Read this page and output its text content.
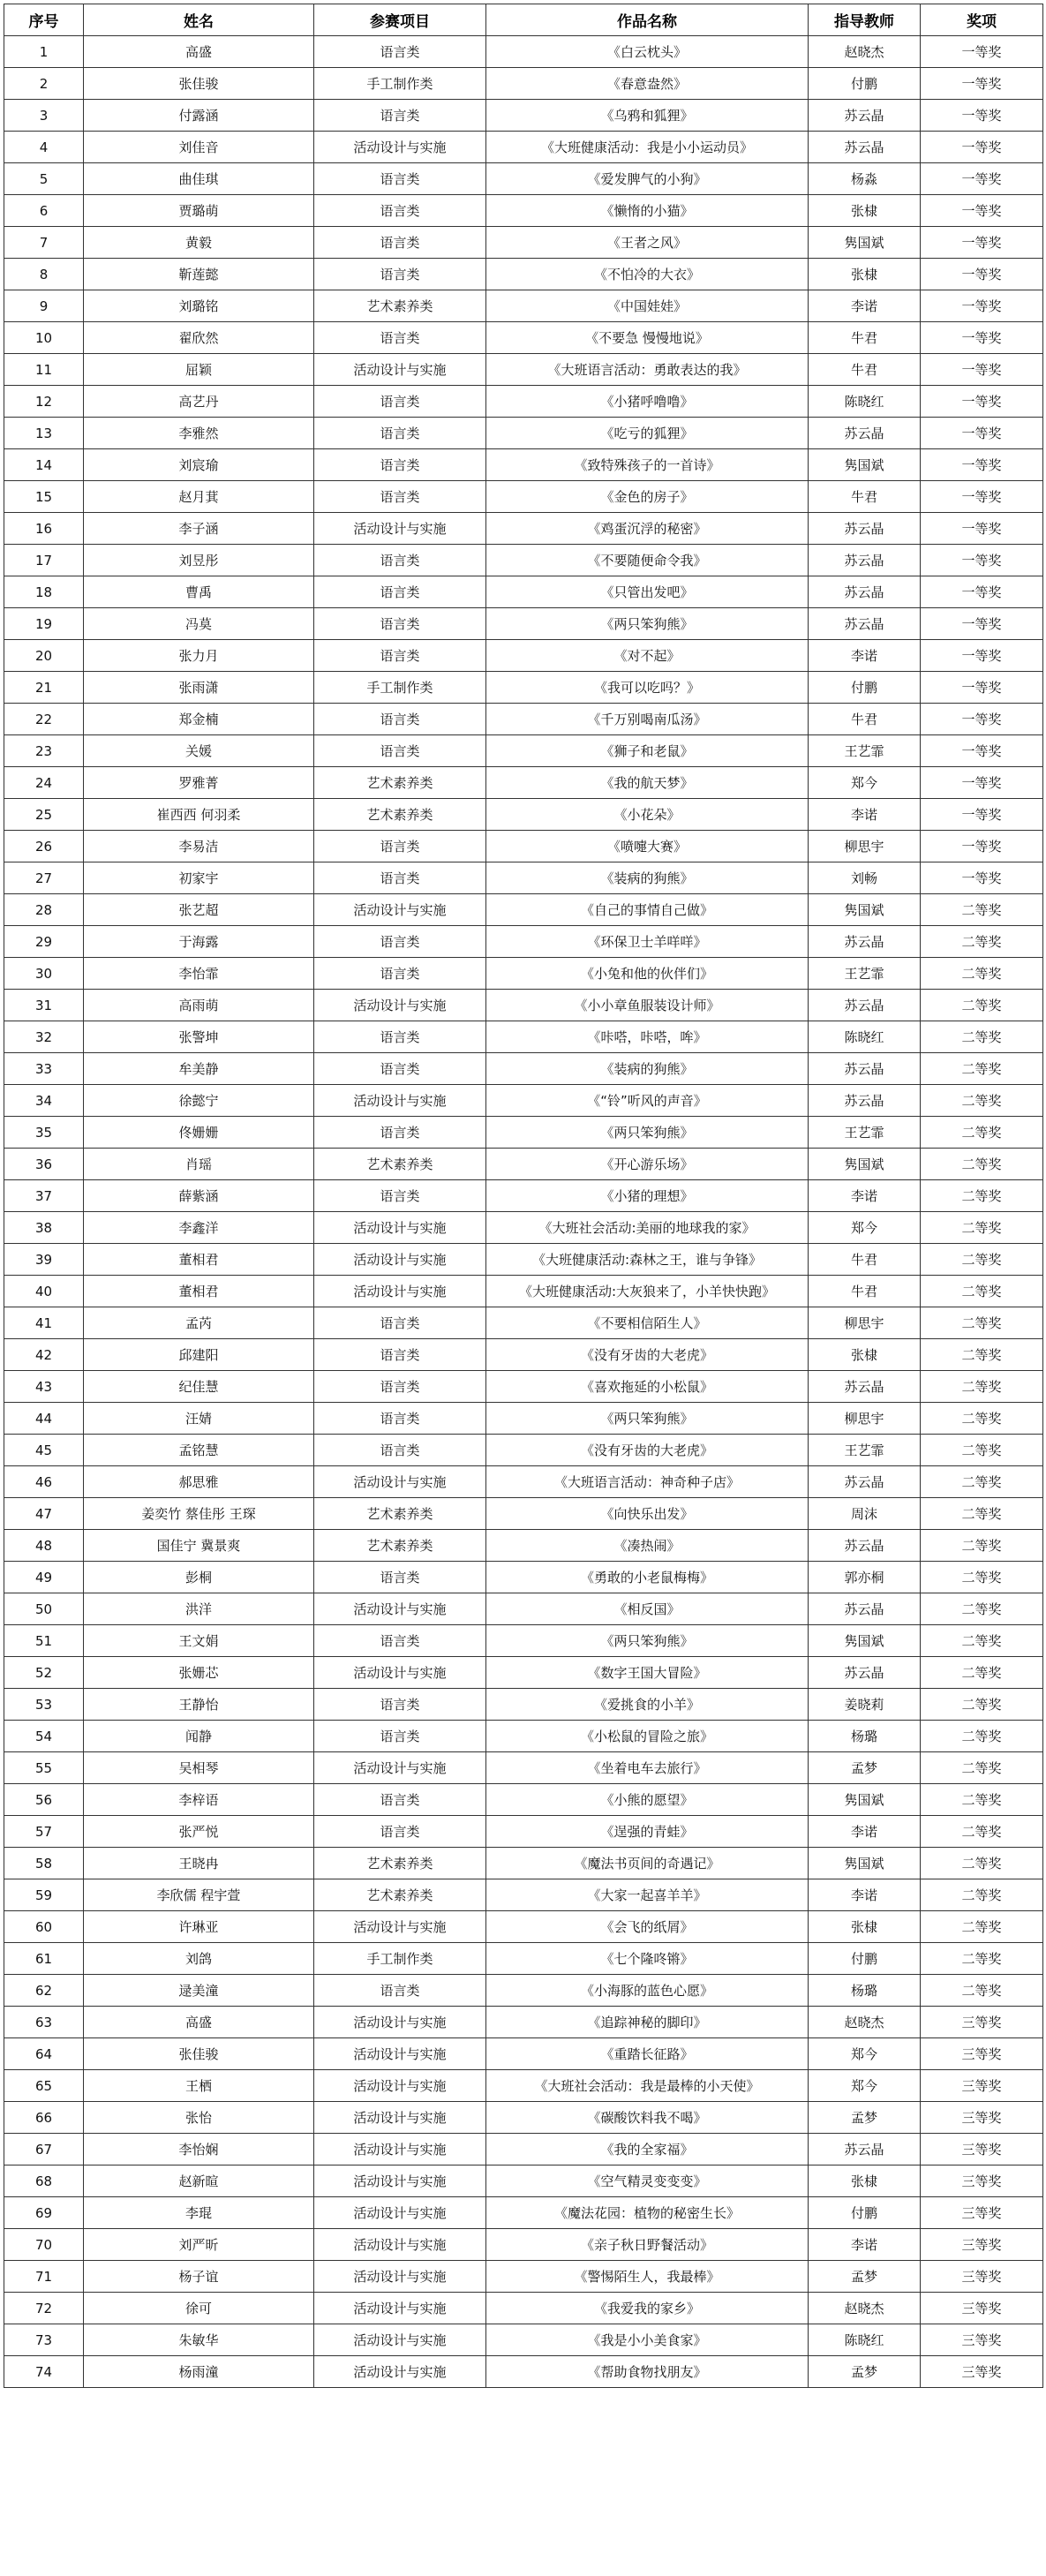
序号	姓名	参赛项目	作品名称	指导教师	奖项
1	高盛	语言类	《白云枕头》	赵晓杰	一等奖
2	张佳骏	手工制作类	《春意盎然》	付鹏	一等奖
3	付露涵	语言类	《乌鸦和狐狸》	苏云晶	一等奖
4	刘佳音	活动设计与实施	《大班健康活动：我是小小运动员》	苏云晶	一等奖
5	曲佳琪	语言类	《爱发脾气的小狗》	杨淼	一等奖
6	贾璐萌	语言类	《懒惰的小猫》	张棣	一等奖
7	黄毅	语言类	《王者之风》	隽国斌	一等奖
8	靳莲懿	语言类	《不怕冷的大衣》	张棣	一等奖
9	刘璐铭	艺术素养类	《中国娃娃》	李诺	一等奖
10	翟欣然	语言类	《不要急 慢慢地说》	牛君	一等奖
11	屈颖	活动设计与实施	《大班语言活动：勇敢表达的我》	牛君	一等奖
12	高艺丹	语言类	《小猪呼噜噜》	陈晓红	一等奖
13	李雅然	语言类	《吃亏的狐狸》	苏云晶	一等奖
14	刘宸瑜	语言类	《致特殊孩子的一首诗》	隽国斌	一等奖
15	赵月萁	语言类	《金色的房子》	牛君	一等奖
16	李子涵	活动设计与实施	《鸡蛋沉浮的秘密》	苏云晶	一等奖
17	刘昱彤	语言类	《不要随便命令我》	苏云晶	一等奖
18	曹禹	语言类	《只管出发吧》	苏云晶	一等奖
19	冯莫	语言类	《两只笨狗熊》	苏云晶	一等奖
20	张力月	语言类	《对不起》	李诺	一等奖
21	张雨潇	手工制作类	《我可以吃吗？》	付鹏	一等奖
22	郑金楠	语言类	《千万别喝南瓜汤》	牛君	一等奖
23	关媛	语言类	《狮子和老鼠》	王艺霏	一等奖
24	罗雅菁	艺术素养类	《我的航天梦》	郑今	一等奖
25	崔西西 何羽柔	艺术素养类	《小花朵》	李诺	一等奖
26	李易洁	语言类	《喷嚏大赛》	柳思宇	一等奖
27	初家宇	语言类	《装病的狗熊》	刘畅	一等奖
28	张艺超	活动设计与实施	《自己的事情自己做》	隽国斌	二等奖
29	于海露	语言类	《环保卫士羊咩咩》	苏云晶	二等奖
30	李怡霏	语言类	《小兔和他的伙伴们》	王艺霏	二等奖
31	高雨萌	活动设计与实施	《小小章鱼服装设计师》	苏云晶	二等奖
32	张警坤	语言类	《咔嗒，咔嗒，哞》	陈晓红	二等奖
33	牟美静	语言类	《装病的狗熊》	苏云晶	二等奖
34	徐懿宁	活动设计与实施	《“铃”听风的声音》	苏云晶	二等奖
35	佟姗姗	语言类	《两只笨狗熊》	王艺霏	二等奖
36	肖瑶	艺术素养类	《开心游乐场》	隽国斌	二等奖
37	薛紫涵	语言类	《小猪的理想》	李诺	二等奖
38	李鑫洋	活动设计与实施	《大班社会活动:美丽的地球我的家》	郑今	二等奖
39	董相君	活动设计与实施	《大班健康活动:森林之王，谁与争锋》	牛君	二等奖
40	董相君	活动设计与实施	《大班健康活动:大灰狼来了，小羊快快跑》	牛君	二等奖
41	孟芮	语言类	《不要相信陌生人》	柳思宇	二等奖
42	邱建阳	语言类	《没有牙齿的大老虎》	张棣	二等奖
43	纪佳慧	语言类	《喜欢拖延的小松鼠》	苏云晶	二等奖
44	汪婧	语言类	《两只笨狗熊》	柳思宇	二等奖
45	孟铭慧	语言类	《没有牙齿的大老虎》	王艺霏	二等奖
46	郝思雅	活动设计与实施	《大班语言活动：神奇种子店》	苏云晶	二等奖
47	姜奕竹 蔡佳彤 王琛	艺术素养类	《向快乐出发》	周沫	二等奖
48	国佳宁 冀景爽	艺术素养类	《凑热闹》	苏云晶	二等奖
49	彭桐	语言类	《勇敢的小老鼠梅梅》	郭亦桐	二等奖
50	洪洋	活动设计与实施	《相反国》	苏云晶	二等奖
51	王文娟	语言类	《两只笨狗熊》	隽国斌	二等奖
52	张姗芯	活动设计与实施	《数字王国大冒险》	苏云晶	二等奖
53	王静怡	语言类	《爱挑食的小羊》	姜晓莉	二等奖
54	闻静	语言类	《小松鼠的冒险之旅》	杨璐	二等奖
55	吴相琴	活动设计与实施	《坐着电车去旅行》	孟梦	二等奖
56	李梓语	语言类	《小熊的愿望》	隽国斌	二等奖
57	张严悦	语言类	《逞强的青蛙》	李诺	二等奖
58	王晓冉	艺术素养类	《魔法书页间的奇遇记》	隽国斌	二等奖
59	李欣儒 程宇萱	艺术素养类	《大家一起喜羊羊》	李诺	二等奖
60	许琳亚	活动设计与实施	《会飞的纸屑》	张棣	二等奖
61	刘鸽	手工制作类	《七个隆咚锵》	付鹏	二等奖
62	逯美潼	语言类	《小海豚的蓝色心愿》	杨璐	二等奖
63	高盛	活动设计与实施	《追踪神秘的脚印》	赵晓杰	三等奖
64	张佳骏	活动设计与实施	《重踏长征路》	郑今	三等奖
65	王栖	活动设计与实施	《大班社会活动：我是最棒的小天使》	郑今	三等奖
66	张怡	活动设计与实施	《碳酸饮料我不喝》	孟梦	三等奖
67	李怡娴	活动设计与实施	《我的全家福》	苏云晶	三等奖
68	赵新暄	活动设计与实施	《空气精灵变变变》	张棣	三等奖
69	李琨	活动设计与实施	《魔法花园：植物的秘密生长》	付鹏	三等奖
70	刘严昕	活动设计与实施	《亲子秋日野餐活动》	李诺	三等奖
71	杨子谊	活动设计与实施	《警惕陌生人，我最棒》	孟梦	三等奖
72	徐可	活动设计与实施	《我爱我的家乡》	赵晓杰	三等奖
73	朱敏华	活动设计与实施	《我是小小美食家》	陈晓红	三等奖
74	杨雨潼	活动设计与实施	《帮助食物找朋友》	孟梦	三等奖
